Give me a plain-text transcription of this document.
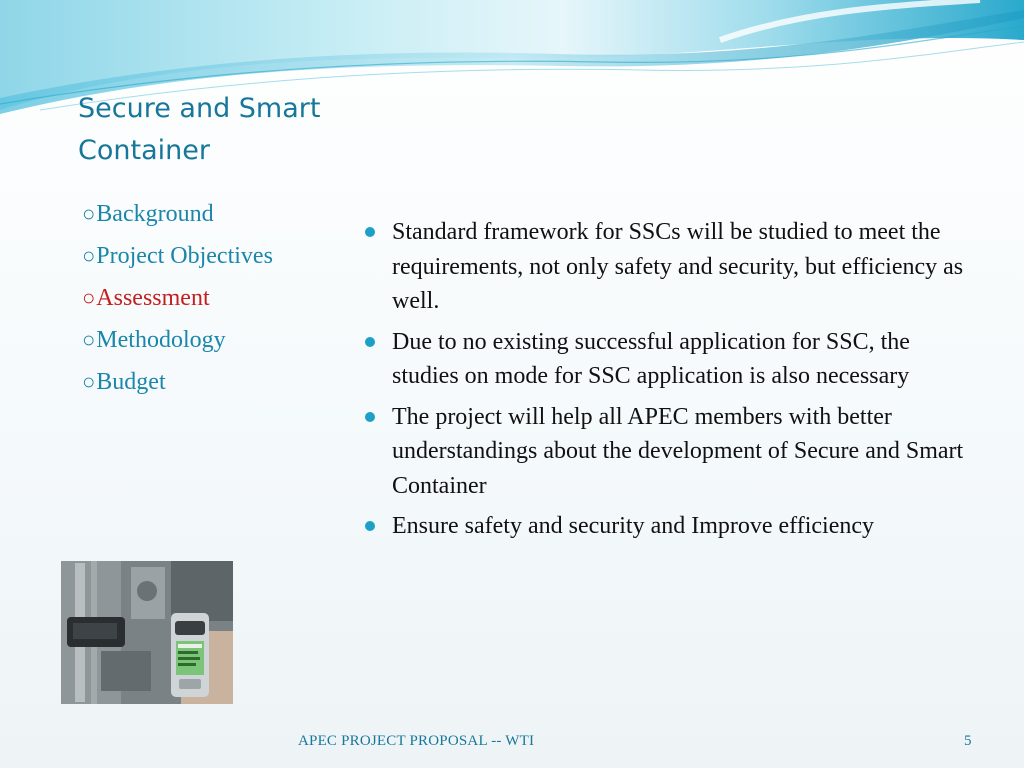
Secure and Smart Container
○Background
○Project Objectives
○Assessment
○Methodology
○Budget
Standard framework for SSCs will be studied to meet the requirements, not only safety and security, but efficiency as well.
Due to no existing successful application for SSC, the studies on mode for SSC application is also necessary
The project will help all APEC members with better understandings about the development of Secure and Smart Container
Ensure safety and security and Improve efficiency
APEC PROJECT PROPOSAL -- WTI	5
